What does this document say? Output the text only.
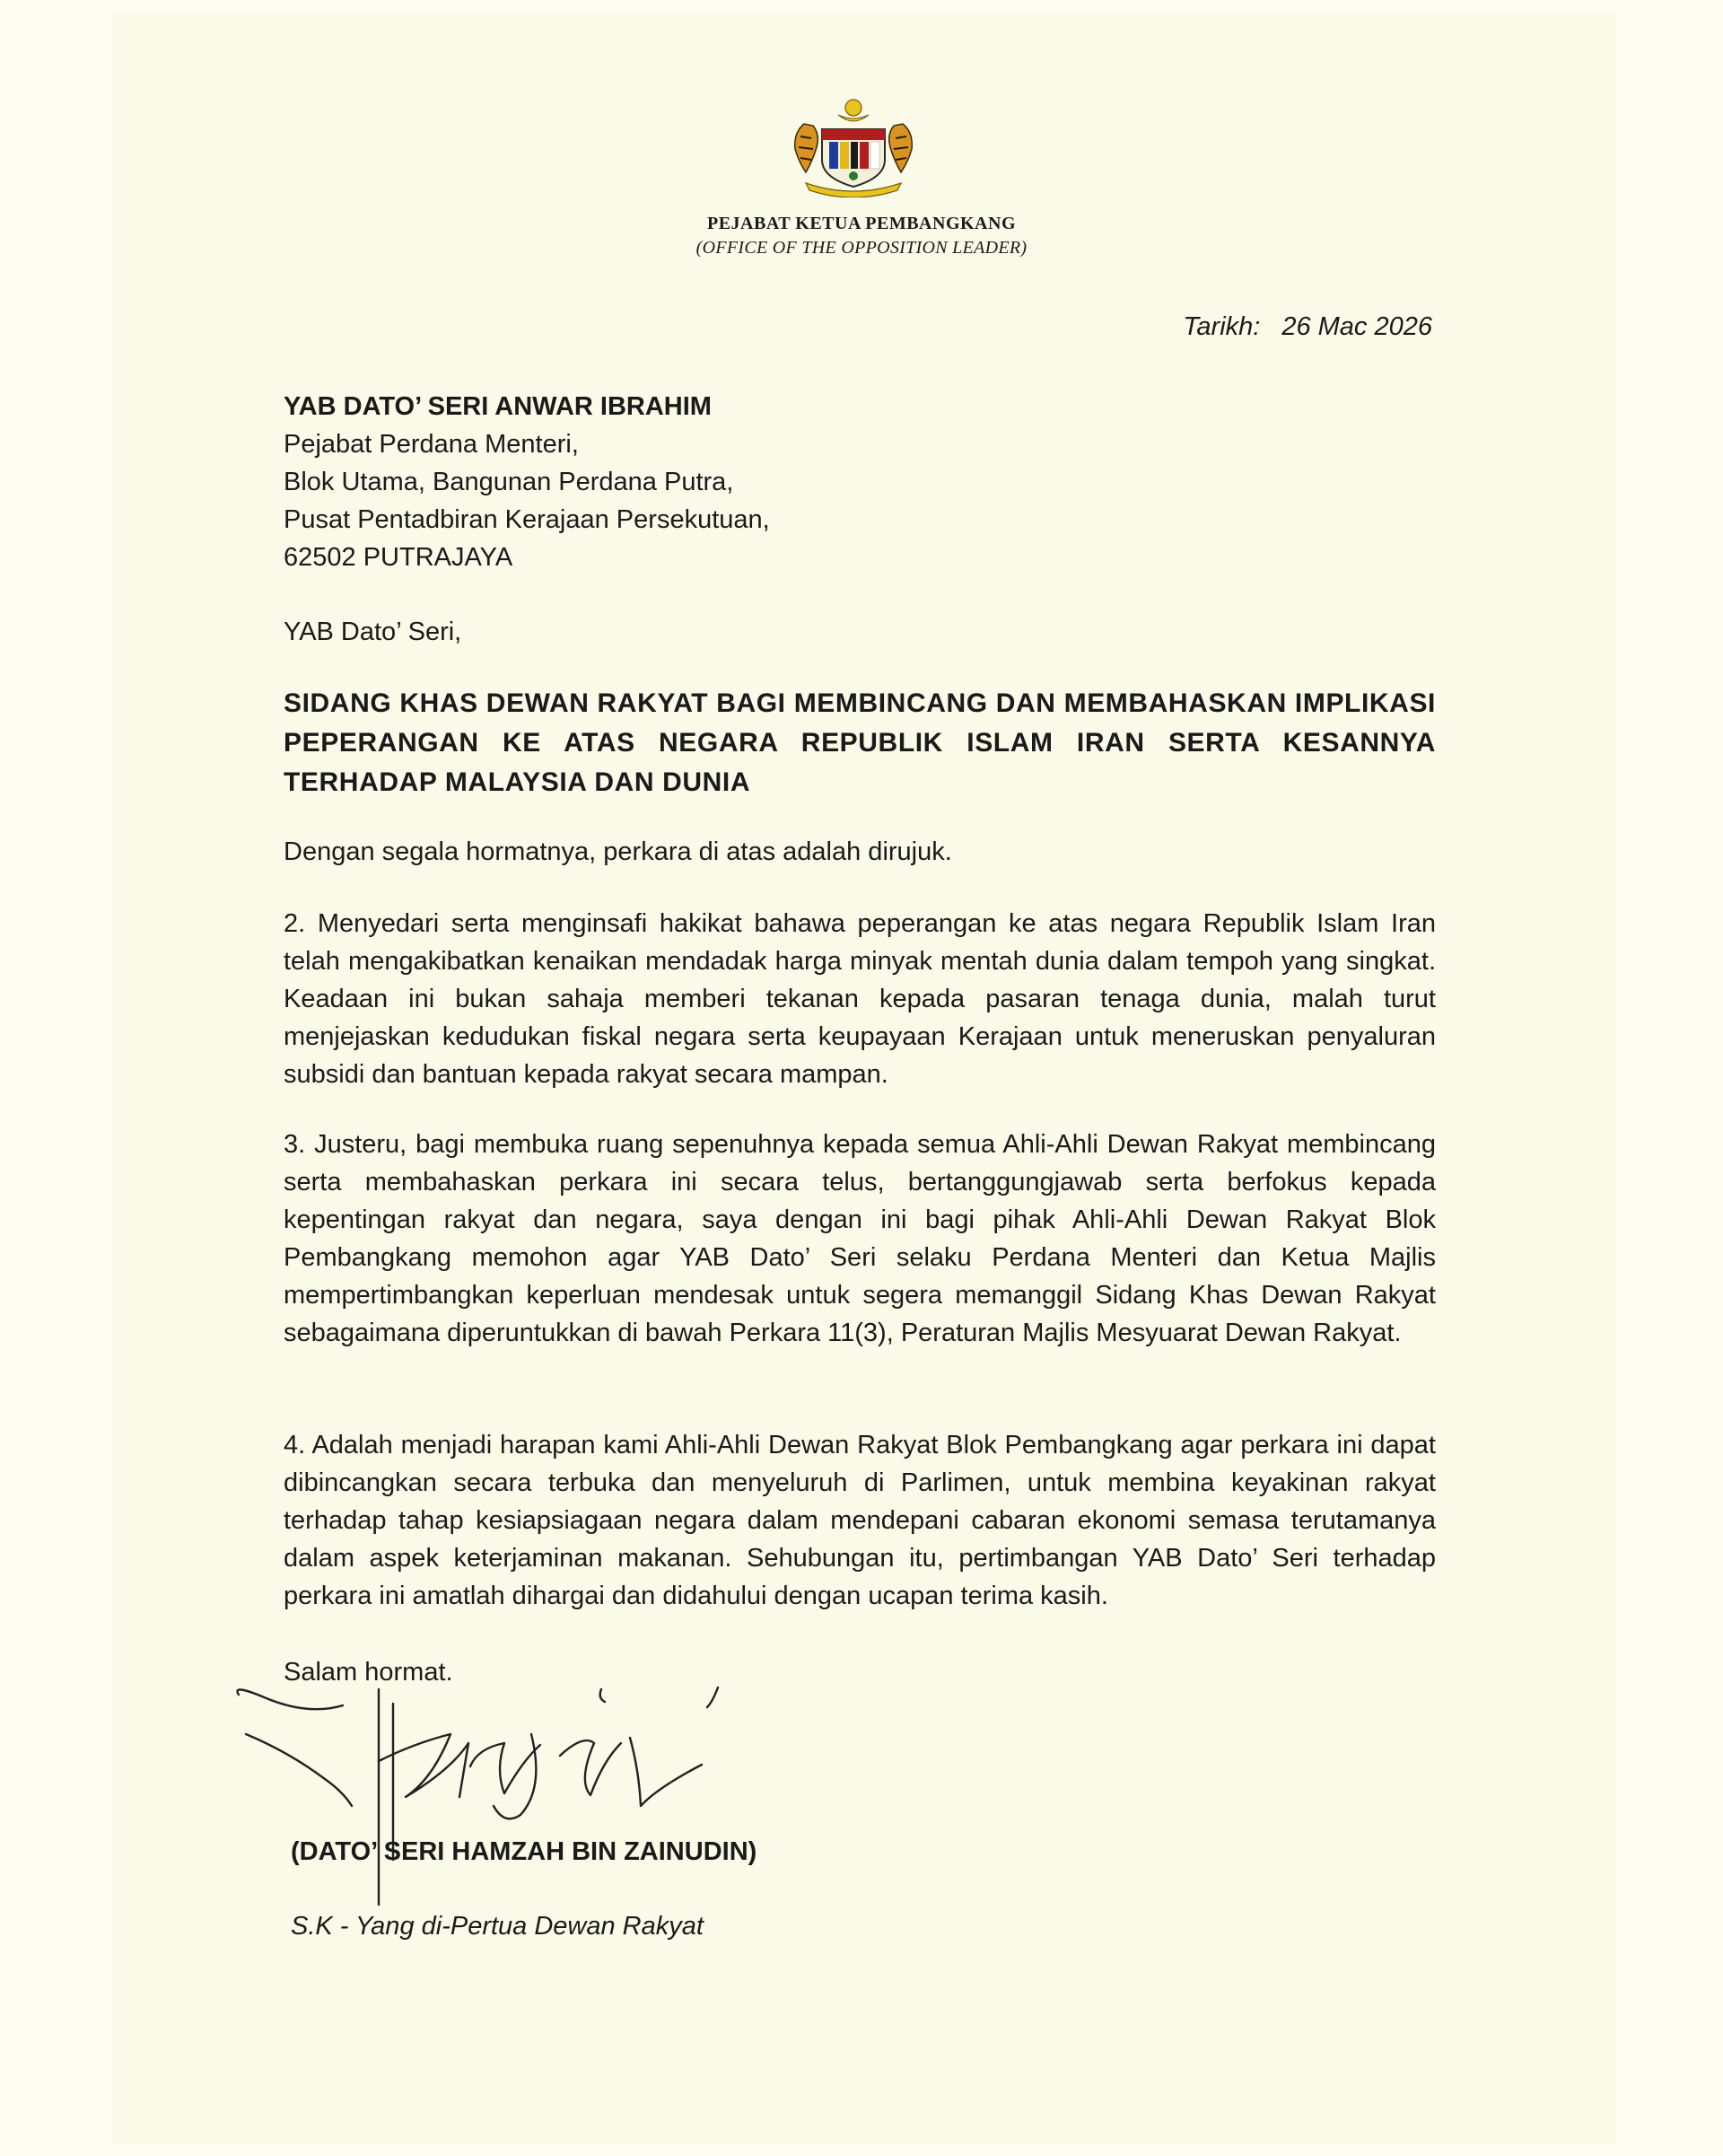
PEJABAT KETUA PEMBANGKANG
(OFFICE OF THE OPPOSITION LEADER)
Tarikh: 26 Mac 2026
YAB DATO’ SERI ANWAR IBRAHIM
Pejabat Perdana Menteri,
Blok Utama, Bangunan Perdana Putra,
Pusat Pentadbiran Kerajaan Persekutuan,
62502 PUTRAJAYA
YAB Dato’ Seri,
SIDANG KHAS DEWAN RAKYAT BAGI MEMBINCANG DAN MEMBAHASKAN IMPLIKASI PEPERANGAN KE ATAS NEGARA REPUBLIK ISLAM IRAN SERTA KESANNYA TERHADAP MALAYSIA DAN DUNIA
Dengan segala hormatnya, perkara di atas adalah dirujuk.
2. Menyedari serta menginsafi hakikat bahawa peperangan ke atas negara Republik Islam Iran telah mengakibatkan kenaikan mendadak harga minyak mentah dunia dalam tempoh yang singkat. Keadaan ini bukan sahaja memberi tekanan kepada pasaran tenaga dunia, malah turut menjejaskan kedudukan fiskal negara serta keupayaan Kerajaan untuk meneruskan penyaluran subsidi dan bantuan kepada rakyat secara mampan.
3. Justeru, bagi membuka ruang sepenuhnya kepada semua Ahli-Ahli Dewan Rakyat membincang serta membahaskan perkara ini secara telus, bertanggungjawab serta berfokus kepada kepentingan rakyat dan negara, saya dengan ini bagi pihak Ahli-Ahli Dewan Rakyat Blok Pembangkang memohon agar YAB Dato’ Seri selaku Perdana Menteri dan Ketua Majlis mempertimbangkan keperluan mendesak untuk segera memanggil Sidang Khas Dewan Rakyat sebagaimana diperuntukkan di bawah Perkara 11(3), Peraturan Majlis Mesyuarat Dewan Rakyat.
4. Adalah menjadi harapan kami Ahli-Ahli Dewan Rakyat Blok Pembangkang agar perkara ini dapat dibincangkan secara terbuka dan menyeluruh di Parlimen, untuk membina keyakinan rakyat terhadap tahap kesiapsiagaan negara dalam mendepani cabaran ekonomi semasa terutamanya dalam aspek keterjaminan makanan. Sehubungan itu, pertimbangan YAB Dato’ Seri terhadap perkara ini amatlah dihargai dan didahului dengan ucapan terima kasih.
Salam hormat.
(DATO’ SERI HAMZAH BIN ZAINUDIN)
S.K - Yang di-Pertua Dewan Rakyat
